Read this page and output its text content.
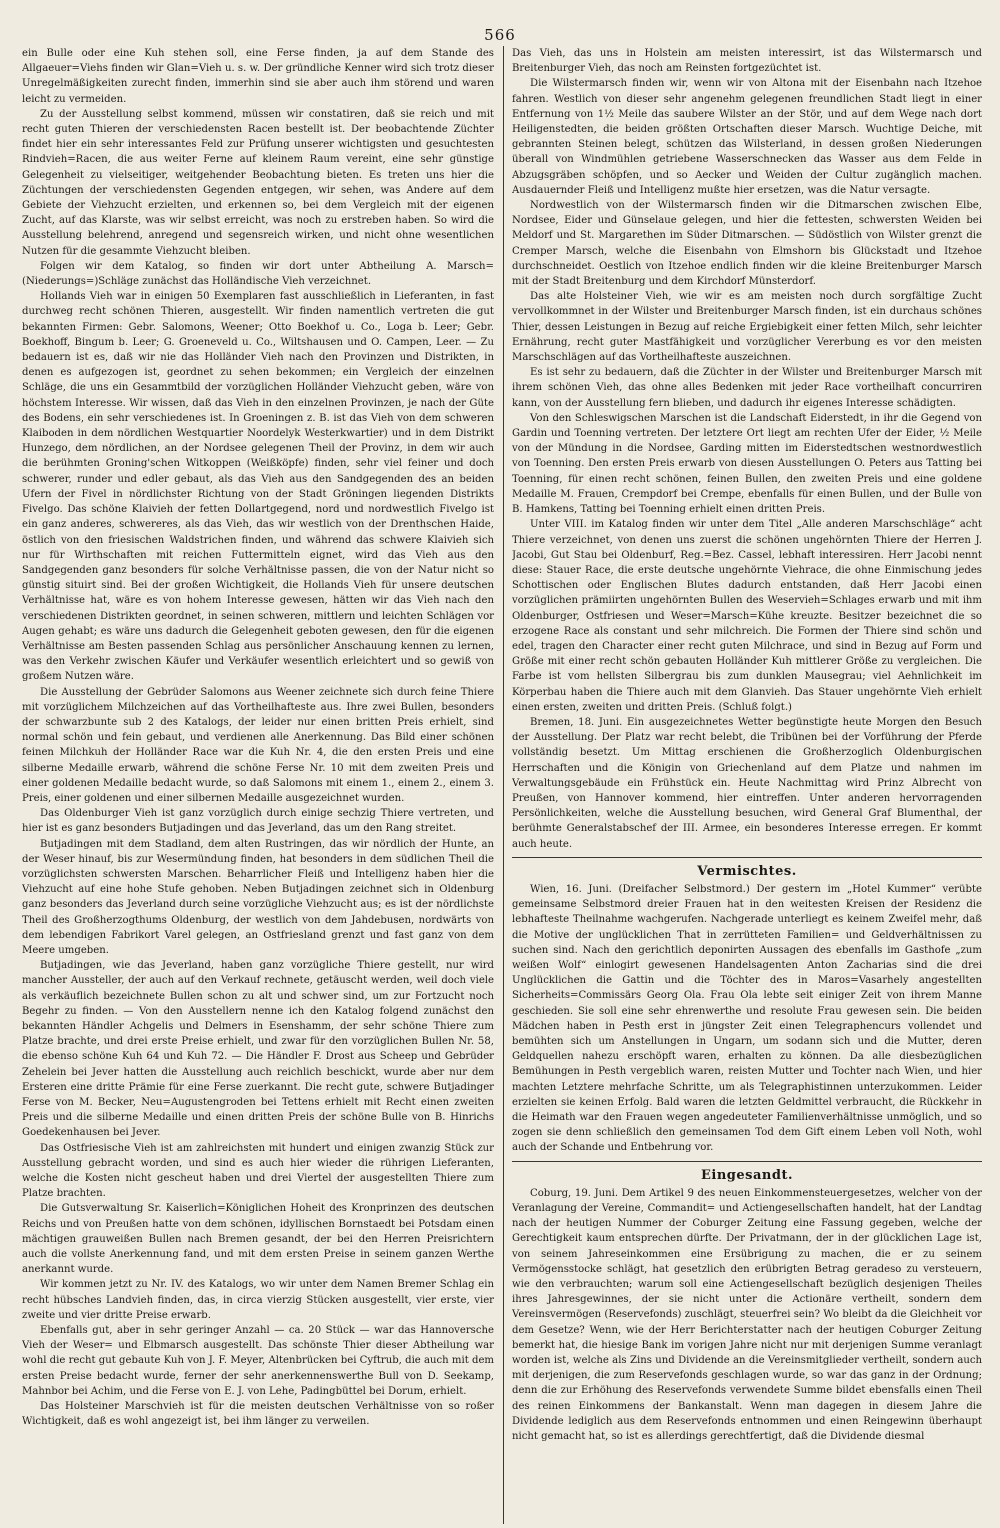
566

ein Bulle oder eine Kuh stehen soll, eine Ferse finden, ja auf dem Stande des Allgaeuer=Viehs finden wir Glan=Vieh u. s. w. Der gründliche Kenner wird sich trotz dieser Unregelmäßigkeiten zurecht finden, immerhin sind sie aber auch ihm störend und waren leicht zu vermeiden.

Zu der Ausstellung selbst kommend, müssen wir constatiren, daß sie reich und mit recht guten Thieren der verschiedensten Racen bestellt ist. Der beobachtende Züchter findet hier ein sehr interessantes Feld zur Prüfung unserer wichtigsten und gesuchtesten Rindvieh=Racen, die aus weiter Ferne auf kleinem Raum vereint, eine sehr günstige Gelegenheit zu vielseitiger, weitgehender Beobachtung bieten. Es treten uns hier die Züchtungen der verschiedensten Gegenden entgegen, wir sehen, was Andere auf dem Gebiete der Viehzucht erzielten, und erkennen so, bei dem Vergleich mit der eigenen Zucht, auf das Klarste, was wir selbst erreicht, was noch zu erstreben haben. So wird die Ausstellung belehrend, anregend und segensreich wirken, und nicht ohne wesentlichen Nutzen für die gesammte Viehzucht bleiben.

Folgen wir dem Katalog, so finden wir dort unter Abtheilung A. Marsch= (Niederungs=)Schläge zunächst das Holländische Vieh verzeichnet.

Hollands Vieh war in einigen 50 Exemplaren fast ausschließlich in Lieferanten, in fast durchweg recht schönen Thieren, ausgestellt. Wir finden namentlich vertreten die gut bekannten Firmen: Gebr. Salomons, Weener; Otto Boekhof u. Co., Loga b. Leer; Gebr. Boekhoff, Bingum b. Leer; G. Groeneveld u. Co., Wiltshausen und O. Campen, Leer. — Zu bedauern ist es, daß wir nie das Holländer Vieh nach den Provinzen und Distrikten, in denen es aufgezogen ist, geordnet zu sehen bekommen; ein Vergleich der einzelnen Schläge, die uns ein Gesammtbild der vorzüglichen Holländer Viehzucht geben, wäre von höchstem Interesse. Wir wissen, daß das Vieh in den einzelnen Provinzen, je nach der Güte des Bodens, ein sehr verschiedenes ist. In Groeningen z. B. ist das Vieh von dem schweren Klaiboden in dem nördlichen Westquartier Noordelyk Westerkwartier) und in dem Distrikt Hunzego, dem nördlichen, an der Nordsee gelegenen Theil der Provinz, in dem wir auch die berühmten Groning'schen Witkoppen (Weißköpfe) finden, sehr viel feiner und doch schwerer, runder und edler gebaut, als das Vieh aus den Sandgegenden des an beiden Ufern der Fivel in nördlichster Richtung von der Stadt Gröningen liegenden Distrikts Fivelgo. Das schöne Klaivieh der fetten Dollartgegend, nord und nordwestlich Fivelgo ist ein ganz anderes, schwereres, als das Vieh, das wir westlich von der Drenthschen Haide, östlich von den friesischen Waldstrichen finden, und während das schwere Klaivieh sich nur für Wirthschaften mit reichen Futtermitteln eignet, wird das Vieh aus den Sandgegenden ganz besonders für solche Verhältnisse passen, die von der Natur nicht so günstig situirt sind. Bei der großen Wichtigkeit, die Hollands Vieh für unsere deutschen Verhältnisse hat, wäre es von hohem Interesse gewesen, hätten wir das Vieh nach den verschiedenen Distrikten geordnet, in seinen schweren, mittlern und leichten Schlägen vor Augen gehabt; es wäre uns dadurch die Gelegenheit geboten gewesen, den für die eigenen Verhältnisse am Besten passenden Schlag aus persönlicher Anschauung kennen zu lernen, was den Verkehr zwischen Käufer und Verkäufer wesentlich erleichtert und so gewiß von großem Nutzen wäre.

Die Ausstellung der Gebrüder Salomons aus Weener zeichnete sich durch feine Thiere mit vorzüglichem Milchzeichen auf das Vortheilhafteste aus. Ihre zwei Bullen, besonders der schwarzbunte sub 2 des Katalogs, der leider nur einen britten Preis erhielt, sind normal schön und fein gebaut, und verdienen alle Anerkennung. Das Bild einer schönen feinen Milchkuh der Holländer Race war die Kuh Nr. 4, die den ersten Preis und eine silberne Medaille erwarb, während die schöne Ferse Nr. 10 mit dem zweiten Preis und einer goldenen Medaille bedacht wurde, so daß Salomons mit einem 1., einem 2., einem 3. Preis, einer goldenen und einer silbernen Medaille ausgezeichnet wurden.

Das Oldenburger Vieh ist ganz vorzüglich durch einige sechzig Thiere vertreten, und hier ist es ganz besonders Butjadingen und das Jeverland, das um den Rang streitet.

Butjadingen mit dem Stadland, dem alten Rustringen, das wir nördlich der Hunte, an der Weser hinauf, bis zur Wesermündung finden, hat besonders in dem südlichen Theil die vorzüglichsten schwersten Marschen. Beharrlicher Fleiß und Intelligenz haben hier die Viehzucht auf eine hohe Stufe gehoben. Neben Butjadingen zeichnet sich in Oldenburg ganz besonders das Jeverland durch seine vorzügliche Viehzucht aus; es ist der nördlichste Theil des Großherzogthums Oldenburg, der westlich von dem Jahdebusen, nordwärts von dem lebendigen Fabrikort Varel gelegen, an Ostfriesland grenzt und fast ganz von dem Meere umgeben.

Butjadingen, wie das Jeverland, haben ganz vorzügliche Thiere gestellt, nur wird mancher Aussteller, der auch auf den Verkauf rechnete, getäuscht werden, weil doch viele als verkäuflich bezeichnete Bullen schon zu alt und schwer sind, um zur Fortzucht noch Begehr zu finden. — Von den Ausstellern nenne ich den Katalog folgend zunächst den bekannten Händler Achgelis und Delmers in Esenshamm, der sehr schöne Thiere zum Platze brachte, und drei erste Preise erhielt, und zwar für den vorzüglichen Bullen Nr. 58, die ebenso schöne Kuh 64 und Kuh 72. — Die Händler F. Drost aus Scheep und Gebrüder Zehelein bei Jever hatten die Ausstellung auch reichlich beschickt, wurde aber nur dem Ersteren eine dritte Prämie für eine Ferse zuerkannt. Die recht gute, schwere Butjadinger Ferse von M. Becker, Neu=Augustengroden bei Tettens erhielt mit Recht einen zweiten Preis und die silberne Medaille und einen dritten Preis der schöne Bulle von B. Hinrichs Goedekenhausen bei Jever.

Das Ostfriesische Vieh ist am zahlreichsten mit hundert und einigen zwanzig Stück zur Ausstellung gebracht worden, und sind es auch hier wieder die rührigen Lieferanten, welche die Kosten nicht gescheut haben und drei Viertel der ausgestellten Thiere zum Platze brachten.

Die Gutsverwaltung Sr. Kaiserlich=Königlichen Hoheit des Kronprinzen des deutschen Reichs und von Preußen hatte von dem schönen, idyllischen Bornstaedt bei Potsdam einen mächtigen grauweißen Bullen nach Bremen gesandt, der bei den Herren Preisrichtern auch die vollste Anerkennung fand, und mit dem ersten Preise in seinem ganzen Werthe anerkannt wurde.

Wir kommen jetzt zu Nr. IV. des Katalogs, wo wir unter dem Namen Bremer Schlag ein recht hübsches Landvieh finden, das, in circa vierzig Stücken ausgestellt, vier erste, vier zweite und vier dritte Preise erwarb.

Ebenfalls gut, aber in sehr geringer Anzahl — ca. 20 Stück — war das Hannoversche Vieh der Weser= und Elbmarsch ausgestellt. Das schönste Thier dieser Abtheilung war wohl die recht gut gebaute Kuh von J. F. Meyer, Altenbrücken bei Cyftrub, die auch mit dem ersten Preise bedacht wurde, ferner der sehr anerkennenswerthe Bull von D. Seekamp, Mahnbor bei Achim, und die Ferse von E. J. von Lehe, Padingbüttel bei Dorum, erhielt.

Das Holsteiner Marschvieh ist für die meisten deutschen Verhältnisse von so roßer Wichtigkeit, daß es wohl angezeigt ist, bei ihm länger zu verweilen.

Das Vieh, das uns in Holstein am meisten interessirt, ist das Wilstermarsch und Breitenburger Vieh, das noch am Reinsten fortgezüchtet ist.

Die Wilstermarsch finden wir, wenn wir von Altona mit der Eisenbahn nach Itzehoe fahren. Westlich von dieser sehr angenehm gelegenen freundlichen Stadt liegt in einer Entfernung von 1½ Meile das saubere Wilster an der Stör, und auf dem Wege nach dort Heiligenstedten, die beiden größten Ortschaften dieser Marsch. Wuchtige Deiche, mit gebrannten Steinen belegt, schützen das Wilsterland, in dessen großen Niederungen überall von Windmühlen getriebene Wasserschnecken das Wasser aus dem Felde in Abzugsgräben schöpfen, und so Aecker und Weiden der Cultur zugänglich machen. Ausdauernder Fleiß und Intelligenz mußte hier ersetzen, was die Natur versagte.

Nordwestlich von der Wilstermarsch finden wir die Ditmarschen zwischen Elbe, Nordsee, Eider und Günselaue gelegen, und hier die fettesten, schwersten Weiden bei Meldorf und St. Margarethen im Süder Ditmarschen. — Südöstlich von Wilster grenzt die Cremper Marsch, welche die Eisenbahn von Elmshorn bis Glückstadt und Itzehoe durchschneidet. Oestlich von Itzehoe endlich finden wir die kleine Breitenburger Marsch mit der Stadt Breitenburg und dem Kirchdorf Münsterdorf.

Das alte Holsteiner Vieh, wie wir es am meisten noch durch sorgfältige Zucht vervollkommnet in der Wilster und Breitenburger Marsch finden, ist ein durchaus schönes Thier, dessen Leistungen in Bezug auf reiche Ergiebigkeit einer fetten Milch, sehr leichter Ernährung, recht guter Mastfähigkeit und vorzüglicher Vererbung es vor den meisten Marschschlägen auf das Vortheilhafteste auszeichnen.

Es ist sehr zu bedauern, daß die Züchter in der Wilster und Breitenburger Marsch mit ihrem schönen Vieh, das ohne alles Bedenken mit jeder Race vortheilhaft concurriren kann, von der Ausstellung fern blieben, und dadurch ihr eigenes Interesse schädigten.

Von den Schleswigschen Marschen ist die Landschaft Eiderstedt, in ihr die Gegend von Gardin und Toenning vertreten. Der letztere Ort liegt am rechten Ufer der Eider, ½ Meile von der Mündung in die Nordsee, Garding mitten im Eiderstedtschen westnordwestlich von Toenning. Den ersten Preis erwarb von diesen Ausstellungen O. Peters aus Tatting bei Toenning, für einen recht schönen, feinen Bullen, den zweiten Preis und eine goldene Medaille M. Frauen, Crempdorf bei Crempe, ebenfalls für einen Bullen, und der Bulle von B. Hamkens, Tatting bei Toenning erhielt einen dritten Preis.

Unter VIII. im Katalog finden wir unter dem Titel „Alle anderen Marschschläge“ acht Thiere verzeichnet, von denen uns zuerst die schönen ungehörnten Thiere der Herren J. Jacobi, Gut Stau bei Oldenburf, Reg.=Bez. Cassel, lebhaft interessiren. Herr Jacobi nennt diese: Stauer Race, die erste deutsche ungehörnte Viehrace, die ohne Einmischung jedes Schottischen oder Englischen Blutes dadurch entstanden, daß Herr Jacobi einen vorzüglichen prämiirten ungehörnten Bullen des Weservieh=Schlages erwarb und mit ihm Oldenburger, Ostfriesen und Weser=Marsch=Kühe kreuzte. Besitzer bezeichnet die so erzogene Race als constant und sehr milchreich. Die Formen der Thiere sind schön und edel, tragen den Character einer recht guten Milchrace, und sind in Bezug auf Form und Größe mit einer recht schön gebauten Holländer Kuh mittlerer Größe zu vergleichen. Die Farbe ist vom hellsten Silbergrau bis zum dunklen Mausegrau; viel Aehnlichkeit im Körperbau haben die Thiere auch mit dem Glanvieh. Das Stauer ungehörnte Vieh erhielt einen ersten, zweiten und dritten Preis. (Schluß folgt.)

Bremen, 18. Juni. Ein ausgezeichnetes Wetter begünstigte heute Morgen den Besuch der Ausstellung. Der Platz war recht belebt, die Tribünen bei der Vorführung der Pferde vollständig besetzt. Um Mittag erschienen die Großherzoglich Oldenburgischen Herrschaften und die Königin von Griechenland auf dem Platze und nahmen im Verwaltungsgebäude ein Frühstück ein. Heute Nachmittag wird Prinz Albrecht von Preußen, von Hannover kommend, hier eintreffen. Unter anderen hervorragenden Persönlichkeiten, welche die Ausstellung besuchen, wird General Graf Blumenthal, der berühmte Generalstabschef der III. Armee, ein besonderes Interesse erregen. Er kommt auch heute.

Vermischtes.

Wien, 16. Juni. (Dreifacher Selbstmord.) Der gestern im „Hotel Kummer“ verübte gemeinsame Selbstmord dreier Frauen hat in den weitesten Kreisen der Residenz die lebhafteste Theilnahme wachgerufen. Nachgerade unterliegt es keinem Zweifel mehr, daß die Motive der unglücklichen That in zerrütteten Familien= und Geldverhältnissen zu suchen sind. Nach den gerichtlich deponirten Aussagen des ebenfalls im Gasthofe „zum weißen Wolf“ einlogirt gewesenen Handelsagenten Anton Zacharias sind die drei Unglücklichen die Gattin und die Töchter des in Maros=Vasarhely angestellten Sicherheits=Commissärs Georg Ola. Frau Ola lebte seit einiger Zeit von ihrem Manne geschieden. Sie soll eine sehr ehrenwerthe und resolute Frau gewesen sein. Die beiden Mädchen haben in Pesth erst in jüngster Zeit einen Telegraphencurs vollendet und bemühten sich um Anstellungen in Ungarn, um sodann sich und die Mutter, deren Geldquellen nahezu erschöpft waren, erhalten zu können. Da alle diesbezüglichen Bemühungen in Pesth vergeblich waren, reisten Mutter und Tochter nach Wien, und hier machten Letztere mehrfache Schritte, um als Telegraphistinnen unterzukommen. Leider erzielten sie keinen Erfolg. Bald waren die letzten Geldmittel verbraucht, die Rückkehr in die Heimath war den Frauen wegen angedeuteter Familienverhältnisse unmöglich, und so zogen sie denn schließlich den gemeinsamen Tod dem Gift einem Leben voll Noth, wohl auch der Schande und Entbehrung vor.

Eingesandt.

Coburg, 19. Juni. Dem Artikel 9 des neuen Einkommensteuergesetzes, welcher von der Veranlagung der Vereine, Commandit= und Actiengesellschaften handelt, hat der Landtag nach der heutigen Nummer der Coburger Zeitung eine Fassung gegeben, welche der Gerechtigkeit kaum entsprechen dürfte. Der Privatmann, der in der glücklichen Lage ist, von seinem Jahreseinkommen eine Ersübrigung zu machen, die er zu seinem Vermögensstocke schlägt, hat gesetzlich den erübrigten Betrag geradeso zu versteuern, wie den verbrauchten; warum soll eine Actiengesellschaft bezüglich desjenigen Theiles ihres Jahresgewinnes, der sie nicht unter die Actionäre vertheilt, sondern dem Vereinsvermögen (Reservefonds) zuschlägt, steuerfrei sein? Wo bleibt da die Gleichheit vor dem Gesetze? Wenn, wie der Herr Berichterstatter nach der heutigen Coburger Zeitung bemerkt hat, die hiesige Bank im vorigen Jahre nicht nur mit derjenigen Summe veranlagt worden ist, welche als Zins und Dividende an die Vereinsmitglieder vertheilt, sondern auch mit derjenigen, die zum Reservefonds geschlagen wurde, so war das ganz in der Ordnung; denn die zur Erhöhung des Reservefonds verwendete Summe bildet ebensfalls einen Theil des reinen Einkommens der Bankanstalt. Wenn man dagegen in diesem Jahre die Dividende lediglich aus dem Reservefonds entnommen und einen Reingewinn überhaupt nicht gemacht hat, so ist es allerdings gerechtfertigt, daß die Dividende diesmal
